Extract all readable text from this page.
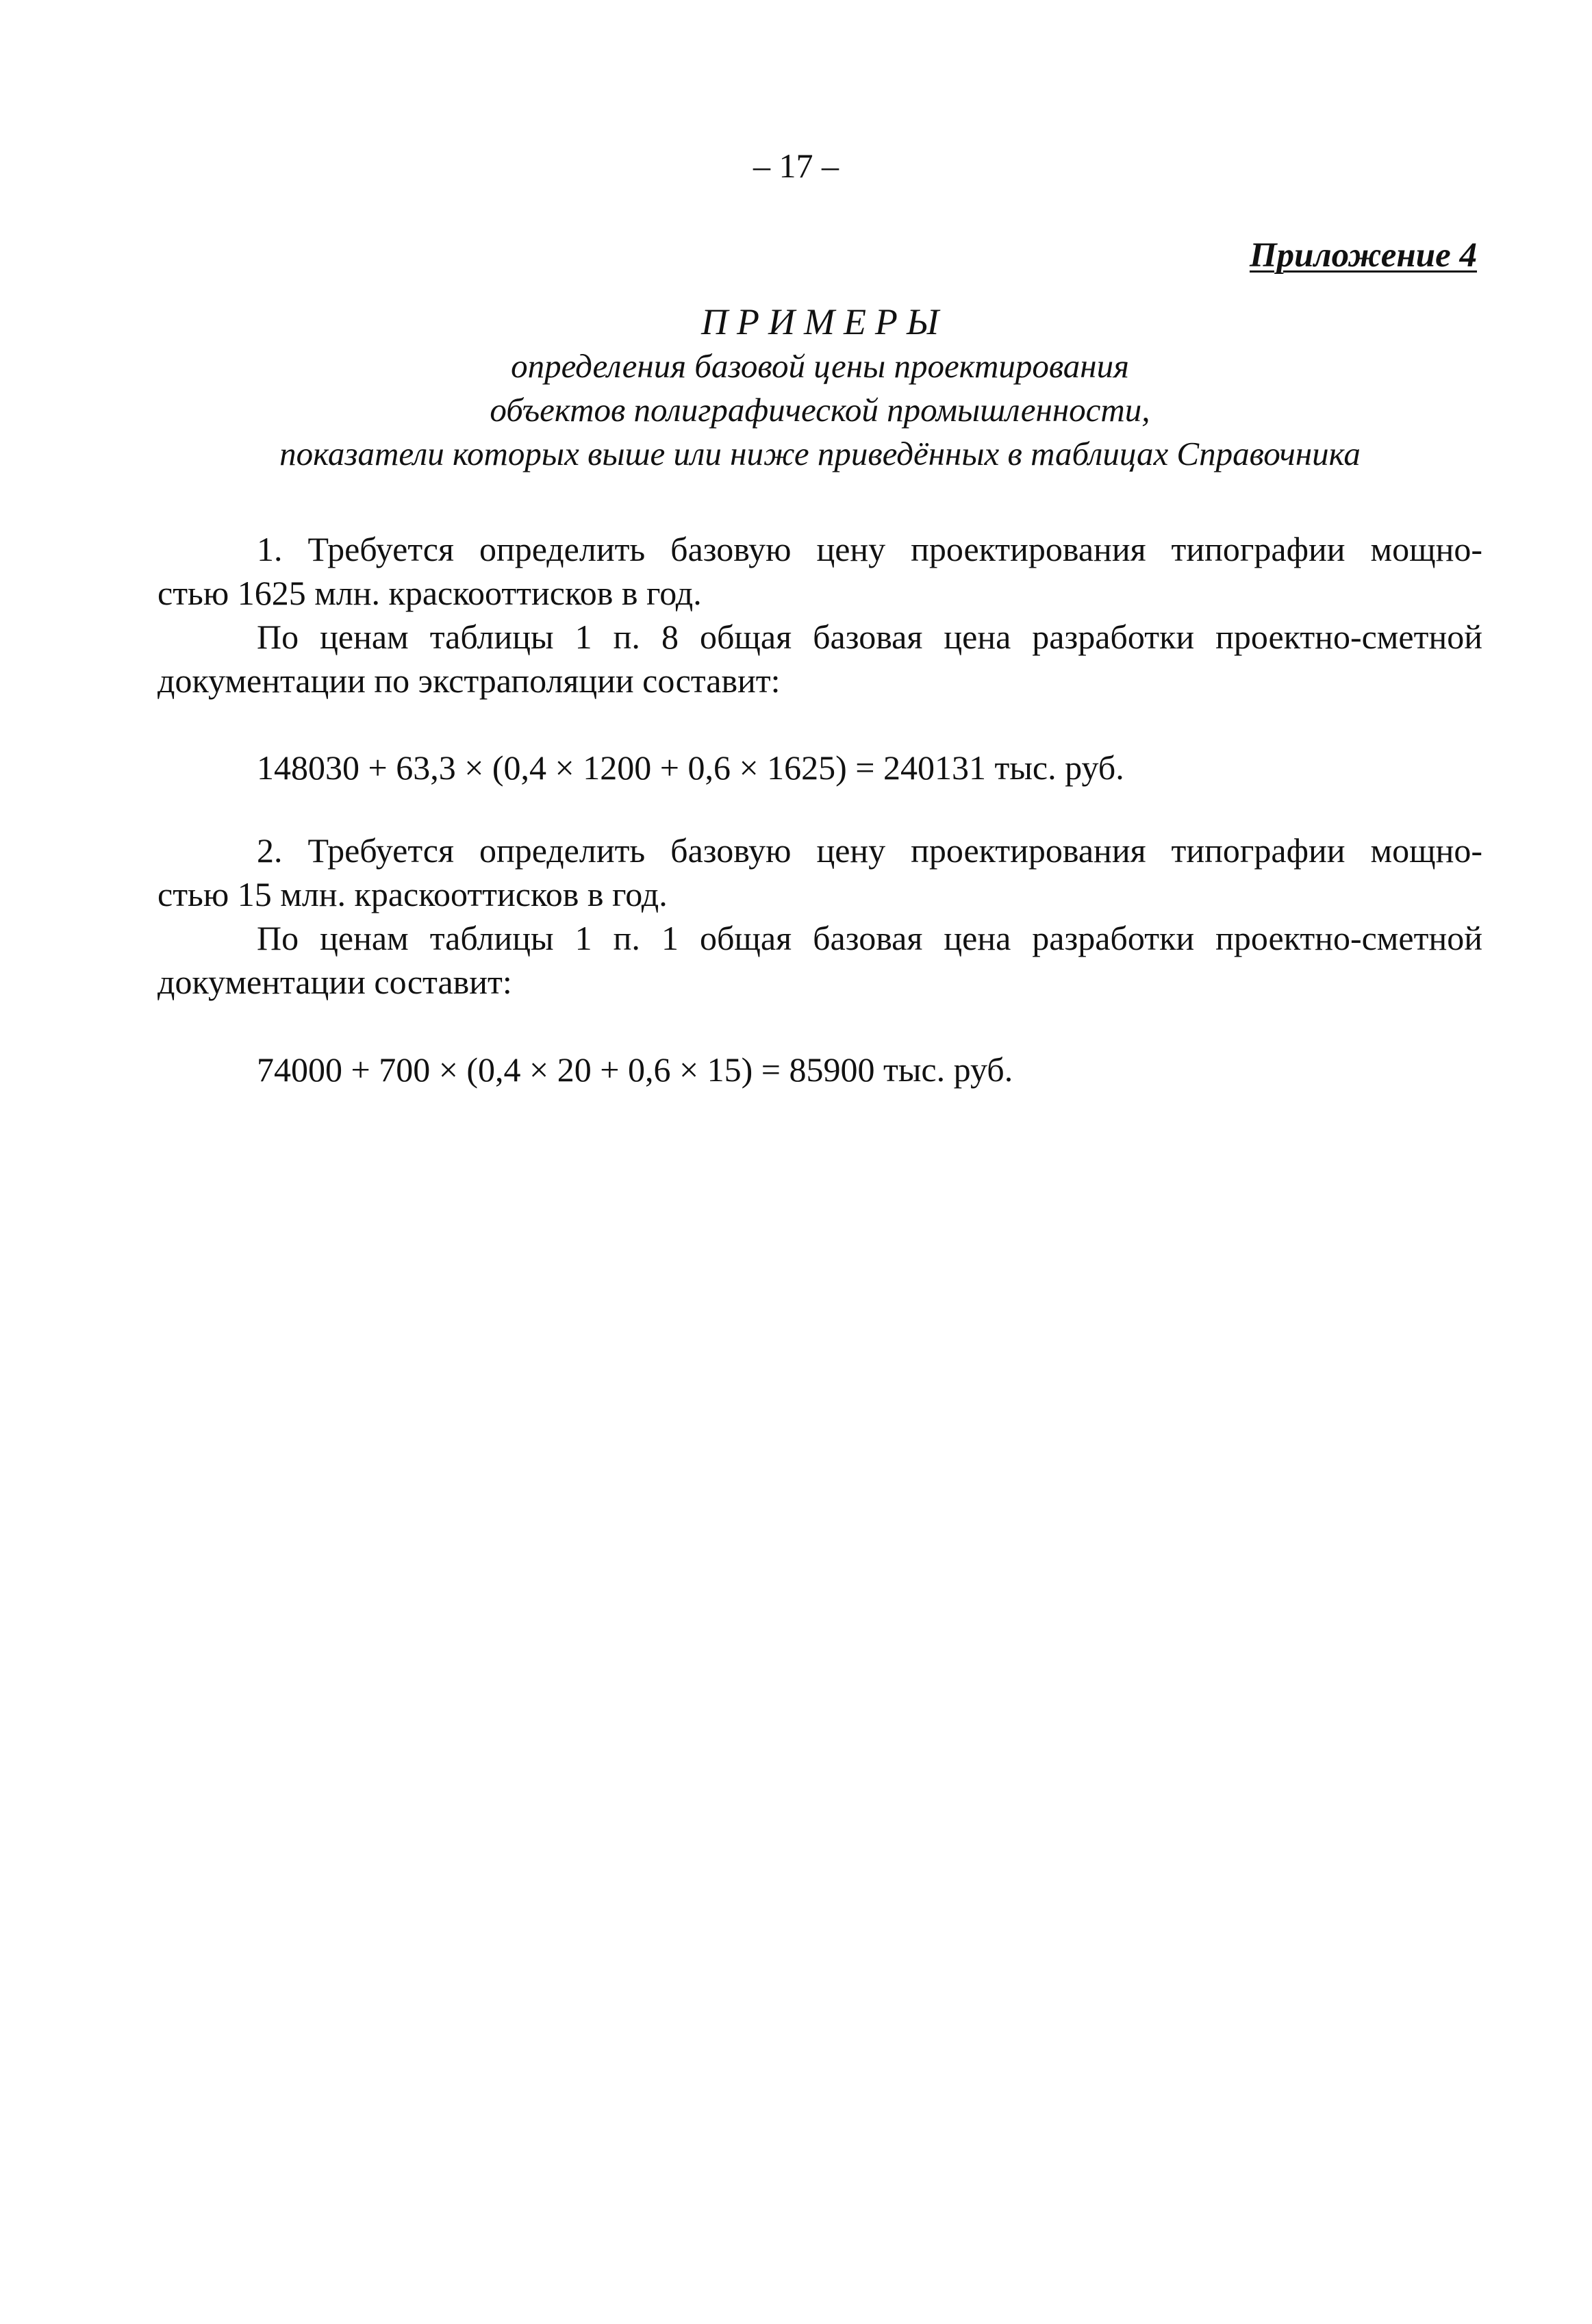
– 17 –
Приложение 4
ПРИМЕРЫ
определения базовой цены проектирования
объектов полиграфической промышленности,
показатели которых выше или ниже приведённых в таблицах Справочника

1. Требуется определить базовую цену проектирования типографии мощно-
стью 1625 млн. краскооттисков в год.

По ценам таблицы 1 п. 8 общая базовая цена разработки проектно-сметной
документации по экстраполяции составит:

148030 + 63,3 × (0,4 × 1200 + 0,6 × 1625) = 240131 тыс. руб.

2. Требуется определить базовую цену проектирования типографии мощно-
стью 15 млн. краскооттисков в год.

По ценам таблицы 1 п. 1 общая базовая цена разработки проектно-сметной
документации составит:

74000 + 700 × (0,4 × 20 + 0,6 × 15) = 85900 тыс. руб.
